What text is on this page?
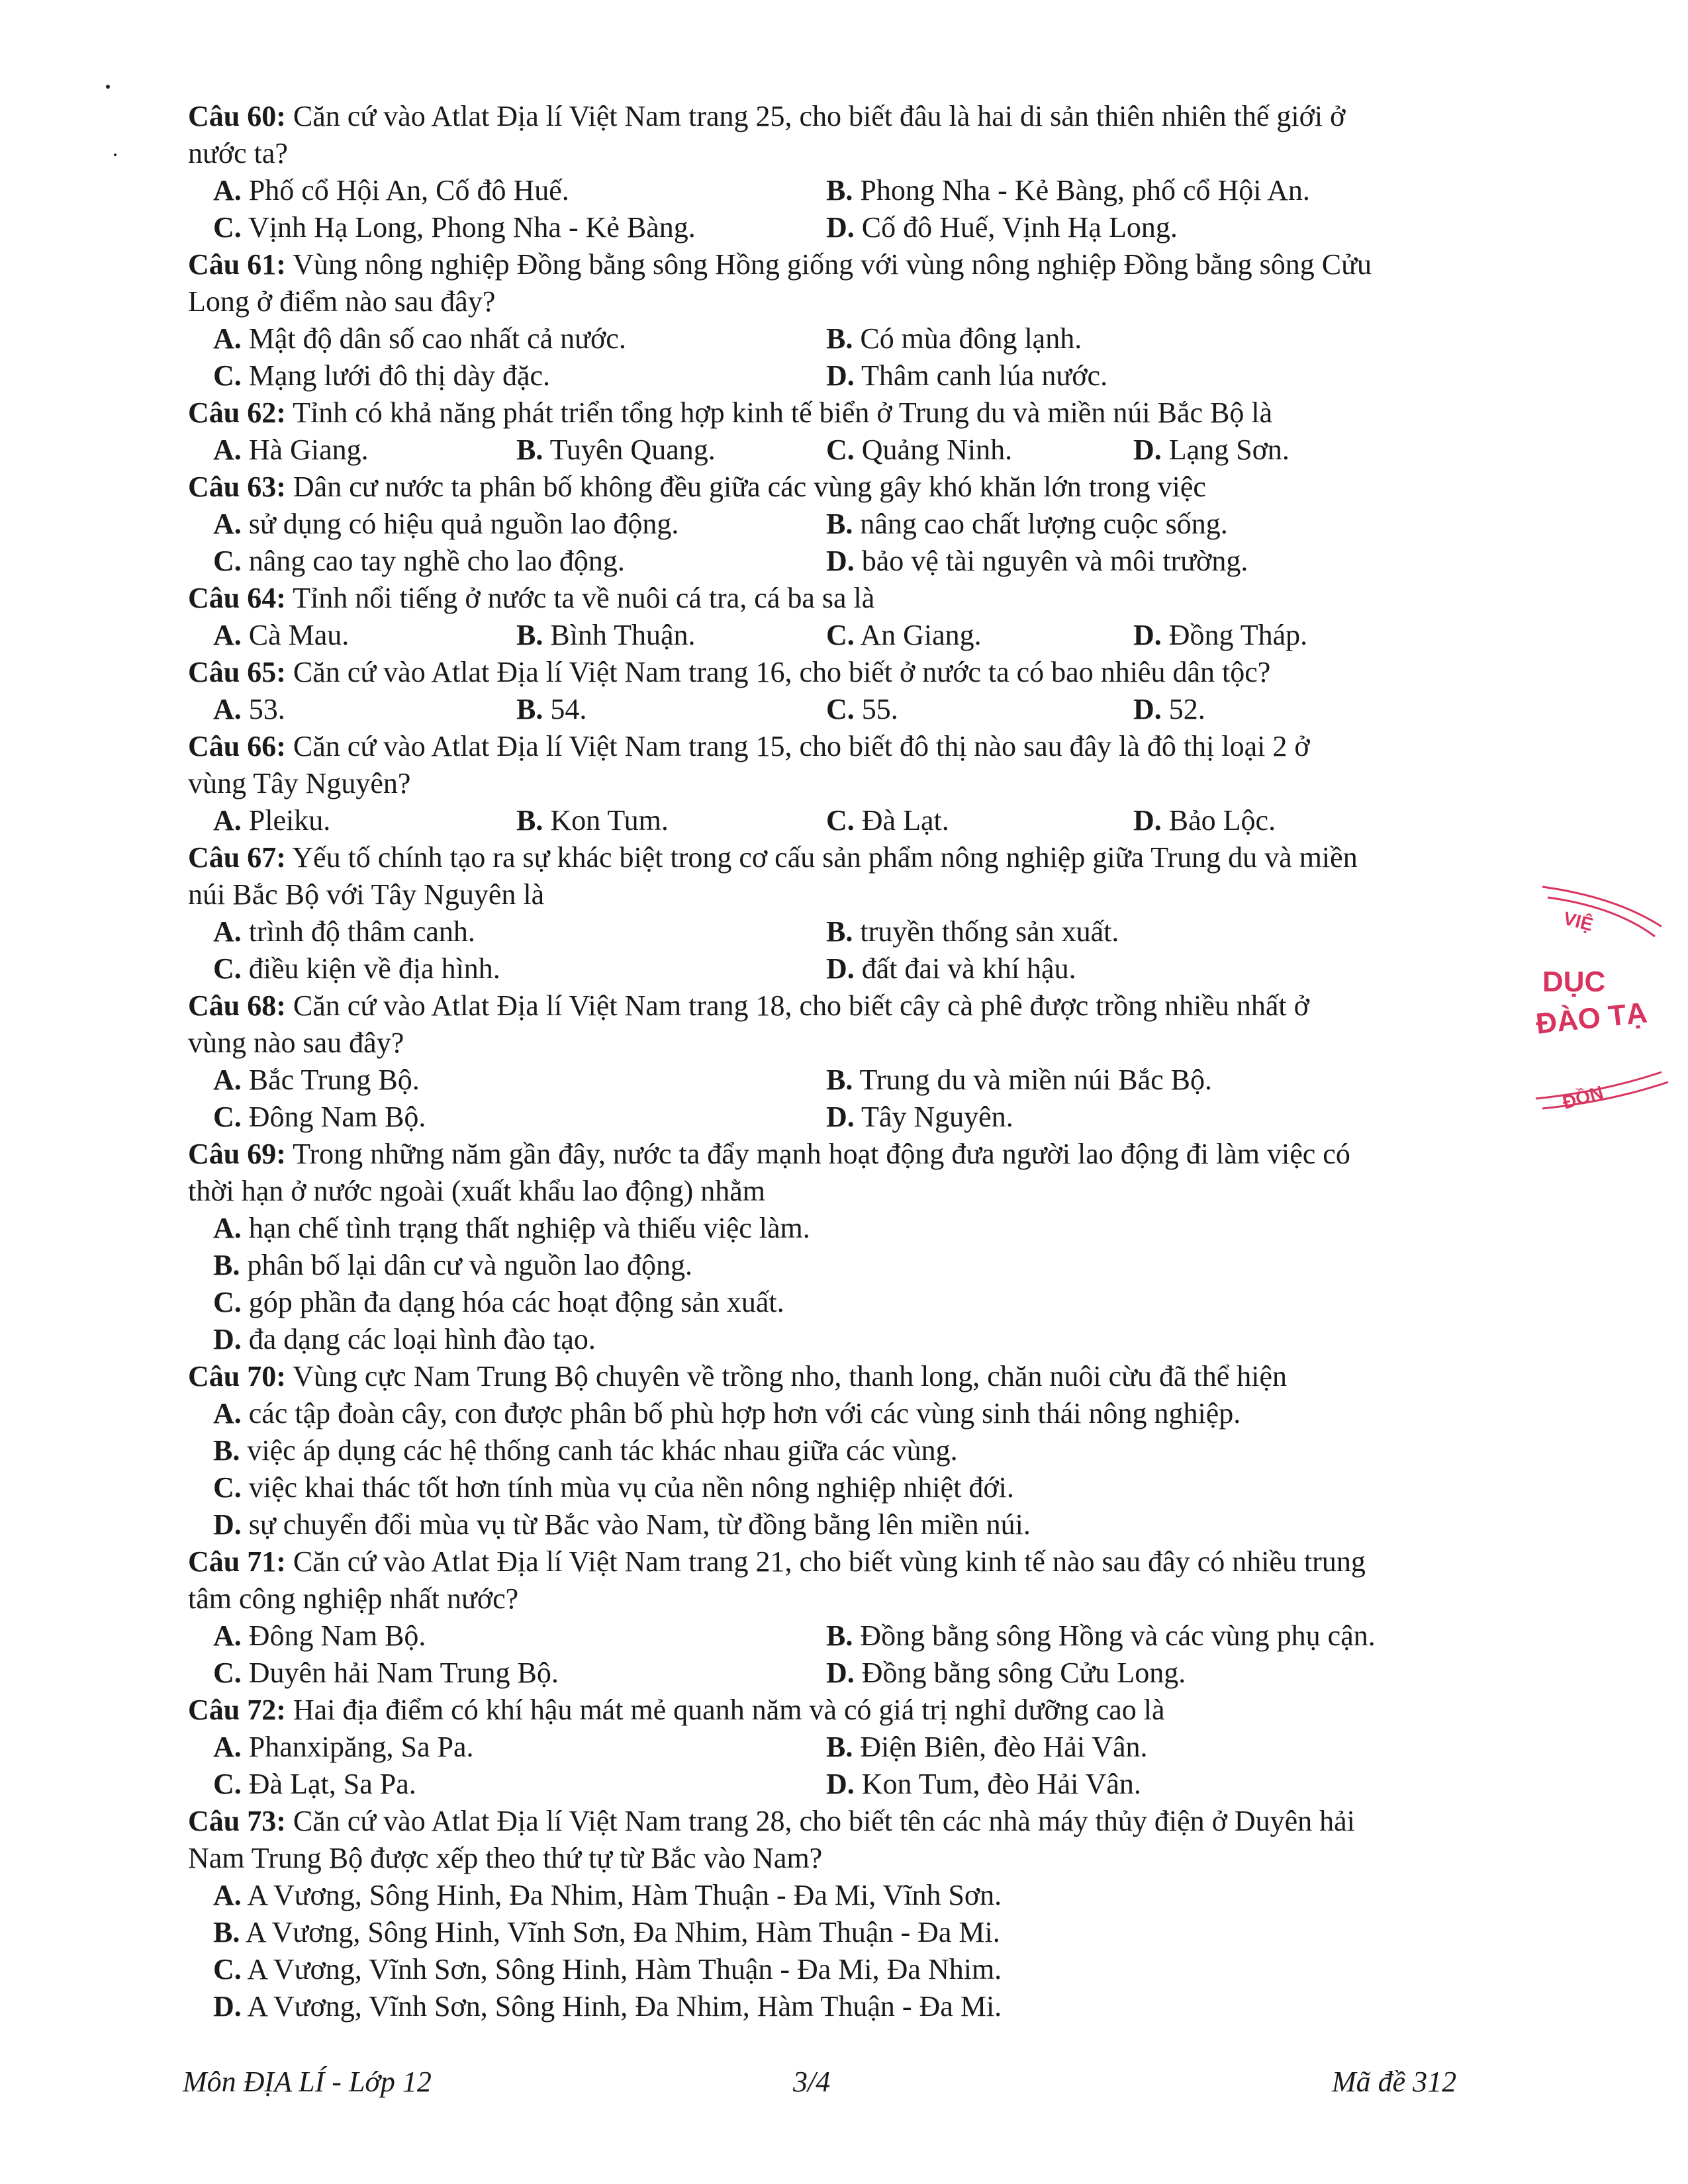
Câu 60: Căn cứ vào Atlat Địa lí Việt Nam trang 25, cho biết đâu là hai di sản thiên nhiên thế giới ở
nước ta?
A. Phố cổ Hội An, Cố đô Huế.	B. Phong Nha - Kẻ Bàng, phố cổ Hội An.
C. Vịnh Hạ Long, Phong Nha - Kẻ Bàng.	D. Cố đô Huế, Vịnh Hạ Long.
Câu 61: Vùng nông nghiệp Đồng bằng sông Hồng giống với vùng nông nghiệp Đồng bằng sông Cửu
Long ở điểm nào sau đây?
A. Mật độ dân số cao nhất cả nước.	B. Có mùa đông lạnh.
C. Mạng lưới đô thị dày đặc.	D. Thâm canh lúa nước.
Câu 62: Tỉnh có khả năng phát triển tổng hợp kinh tế biển ở Trung du và miền núi Bắc Bộ là
A. Hà Giang.	B. Tuyên Quang.	C. Quảng Ninh.	D. Lạng Sơn.
Câu 63: Dân cư nước ta phân bố không đều giữa các vùng gây khó khăn lớn trong việc
A. sử dụng có hiệu quả nguồn lao động.	B. nâng cao chất lượng cuộc sống.
C. nâng cao tay nghề cho lao động.	D. bảo vệ tài nguyên và môi trường.
Câu 64: Tỉnh nổi tiếng ở nước ta về nuôi cá tra, cá ba sa là
A. Cà Mau.	B. Bình Thuận.	C. An Giang.	D. Đồng Tháp.
Câu 65: Căn cứ vào Atlat Địa lí Việt Nam trang 16, cho biết ở nước ta có bao nhiêu dân tộc?
A. 53.	B. 54.	C. 55.	D. 52.
Câu 66: Căn cứ vào Atlat Địa lí Việt Nam trang 15, cho biết đô thị nào sau đây là đô thị loại 2 ở
vùng Tây Nguyên?
A. Pleiku.	B. Kon Tum.	C. Đà Lạt.	D. Bảo Lộc.
Câu 67: Yếu tố chính tạo ra sự khác biệt trong cơ cấu sản phẩm nông nghiệp giữa Trung du và miền
núi Bắc Bộ với Tây Nguyên là
A. trình độ thâm canh.	B. truyền thống sản xuất.
C. điều kiện về địa hình.	D. đất đai và khí hậu.
Câu 68: Căn cứ vào Atlat Địa lí Việt Nam trang 18, cho biết cây cà phê được trồng nhiều nhất ở
vùng nào sau đây?
A. Bắc Trung Bộ.	B. Trung du và miền núi Bắc Bộ.
C. Đông Nam Bộ.	D. Tây Nguyên.
Câu 69: Trong những năm gần đây, nước ta đẩy mạnh hoạt động đưa người lao động đi làm việc có
thời hạn ở nước ngoài (xuất khẩu lao động) nhằm
A. hạn chế tình trạng thất nghiệp và thiếu việc làm.
B. phân bố lại dân cư và nguồn lao động.
C. góp phần đa dạng hóa các hoạt động sản xuất.
D. đa dạng các loại hình đào tạo.
Câu 70: Vùng cực Nam Trung Bộ chuyên về trồng nho, thanh long, chăn nuôi cừu đã thể hiện
A. các tập đoàn cây, con được phân bố phù hợp hơn với các vùng sinh thái nông nghiệp.
B. việc áp dụng các hệ thống canh tác khác nhau giữa các vùng.
C. việc khai thác tốt hơn tính mùa vụ của nền nông nghiệp nhiệt đới.
D. sự chuyển đổi mùa vụ từ Bắc vào Nam, từ đồng bằng lên miền núi.
Câu 71: Căn cứ vào Atlat Địa lí Việt Nam trang 21, cho biết vùng kinh tế nào sau đây có nhiều trung
tâm công nghiệp nhất nước?
A. Đông Nam Bộ.	B. Đồng bằng sông Hồng và các vùng phụ cận.
C. Duyên hải Nam Trung Bộ.	D. Đồng bằng sông Cửu Long.
Câu 72: Hai địa điểm có khí hậu mát mẻ quanh năm và có giá trị nghỉ dưỡng cao là
A. Phanxipăng, Sa Pa.	B. Điện Biên, đèo Hải Vân.
C. Đà Lạt, Sa Pa.	D. Kon Tum, đèo Hải Vân.
Câu 73: Căn cứ vào Atlat Địa lí Việt Nam trang 28, cho biết tên các nhà máy thủy điện ở Duyên hải
Nam Trung Bộ được xếp theo thứ tự từ Bắc vào Nam?
A. A Vương, Sông Hinh, Đa Nhim, Hàm Thuận - Đa Mi, Vĩnh Sơn.
B. A Vương, Sông Hinh, Vĩnh Sơn, Đa Nhim, Hàm Thuận - Đa Mi.
C. A Vương, Vĩnh Sơn, Sông Hinh, Hàm Thuận - Đa Mi, Đa Nhim.
D. A Vương, Vĩnh Sơn, Sông Hinh, Đa Nhim, Hàm Thuận - Đa Mi.
Môn ĐỊA LÍ - Lớp 12	3/4	Mã đề 312
VIỆ
DỤC
ĐÀO TẠ
ĐỒN
